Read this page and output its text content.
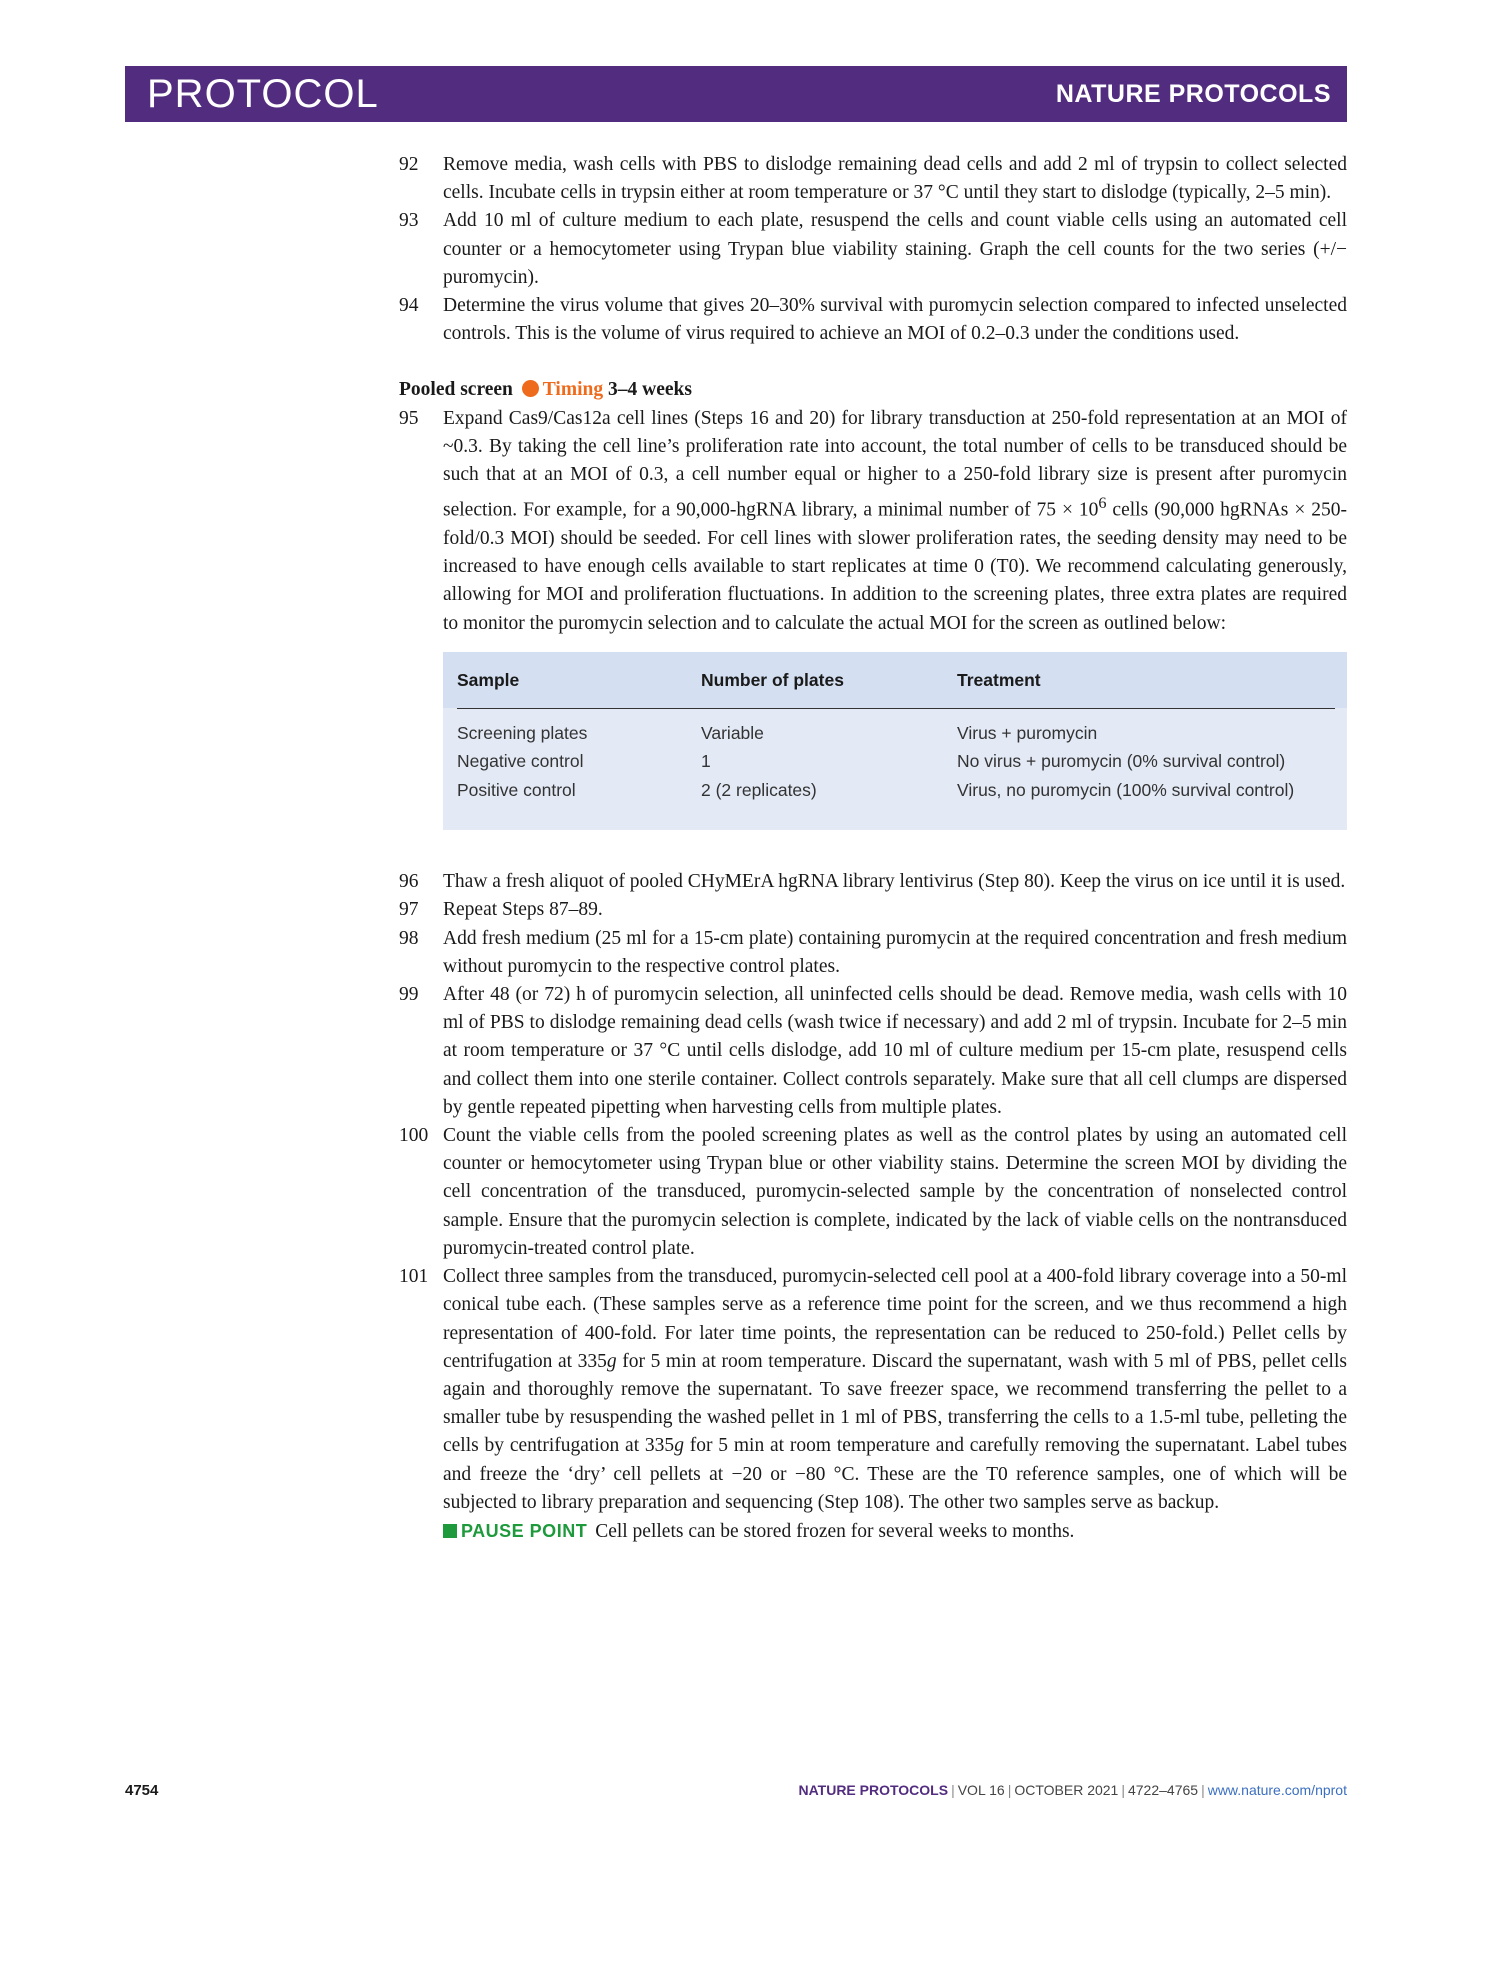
PROTOCOL	NATURE PROTOCOLS
92	Remove media, wash cells with PBS to dislodge remaining dead cells and add 2 ml of trypsin to collect selected cells. Incubate cells in trypsin either at room temperature or 37 °C until they start to dislodge (typically, 2–5 min).
93	Add 10 ml of culture medium to each plate, resuspend the cells and count viable cells using an automated cell counter or a hemocytometer using Trypan blue viability staining. Graph the cell counts for the two series (+/− puromycin).
94	Determine the virus volume that gives 20–30% survival with puromycin selection compared to infected unselected controls. This is the volume of virus required to achieve an MOI of 0.2–0.3 under the conditions used.
Pooled screen Timing 3–4 weeks
95	Expand Cas9/Cas12a cell lines (Steps 16 and 20) for library transduction at 250-fold representation at an MOI of ~0.3. By taking the cell line’s proliferation rate into account, the total number of cells to be transduced should be such that at an MOI of 0.3, a cell number equal or higher to a 250-fold library size is present after puromycin selection. For example, for a 90,000-hgRNA library, a minimal number of $75 \times 10^6$ cells (90,000 hgRNAs × 250-fold/0.3 MOI) should be seeded. For cell lines with slower proliferation rates, the seeding density may need to be increased to have enough cells available to start replicates at time 0 (T0). We recommend calculating generously, allowing for MOI and proliferation fluctuations. In addition to the screening plates, three extra plates are required to monitor the puromycin selection and to calculate the actual MOI for the screen as outlined below:
Sample	Number of plates	Treatment
Screening plates	Variable	Virus + puromycin
Negative control	1	No virus + puromycin (0% survival control)
Positive control	2 (2 replicates)	Virus, no puromycin (100% survival control)
96	Thaw a fresh aliquot of pooled CHyMErA hgRNA library lentivirus (Step 80). Keep the virus on ice until it is used.
97	Repeat Steps 87–89.
98	Add fresh medium (25 ml for a 15-cm plate) containing puromycin at the required concentration and fresh medium without puromycin to the respective control plates.
99	After 48 (or 72) h of puromycin selection, all uninfected cells should be dead. Remove media, wash cells with 10 ml of PBS to dislodge remaining dead cells (wash twice if necessary) and add 2 ml of trypsin. Incubate for 2–5 min at room temperature or 37 °C until cells dislodge, add 10 ml of culture medium per 15-cm plate, resuspend cells and collect them into one sterile container. Collect controls separately. Make sure that all cell clumps are dispersed by gentle repeated pipetting when harvesting cells from multiple plates.
100 Count the viable cells from the pooled screening plates as well as the control plates by using an automated cell counter or hemocytometer using Trypan blue or other viability stains. Determine the screen MOI by dividing the cell concentration of the transduced, puromycin-selected sample by the concentration of nonselected control sample. Ensure that the puromycin selection is complete, indicated by the lack of viable cells on the nontransduced puromycin-treated control plate.
101 Collect three samples from the transduced, puromycin-selected cell pool at a 400-fold library coverage into a 50-ml conical tube each. (These samples serve as a reference time point for the screen, and we thus recommend a high representation of 400-fold. For later time points, the representation can be reduced to 250-fold.) Pellet cells by centrifugation at 335g for 5 min at room temperature. Discard the supernatant, wash with 5 ml of PBS, pellet cells again and thoroughly remove the supernatant. To save freezer space, we recommend transferring the pellet to a smaller tube by resuspending the washed pellet in 1 ml of PBS, transferring the cells to a 1.5-ml tube, pelleting the cells by centrifugation at 335g for 5 min at room temperature and carefully removing the supernatant. Label tubes and freeze the ‘dry’ cell pellets at −20 or −80 °C. These are the T0 reference samples, one of which will be subjected to library preparation and sequencing (Step 108). The other two samples serve as backup.
PAUSE POINT Cell pellets can be stored frozen for several weeks to months.
4754	NATURE PROTOCOLS | VOL 16 | OCTOBER 2021 | 4722–4765 | www.nature.com/nprot
